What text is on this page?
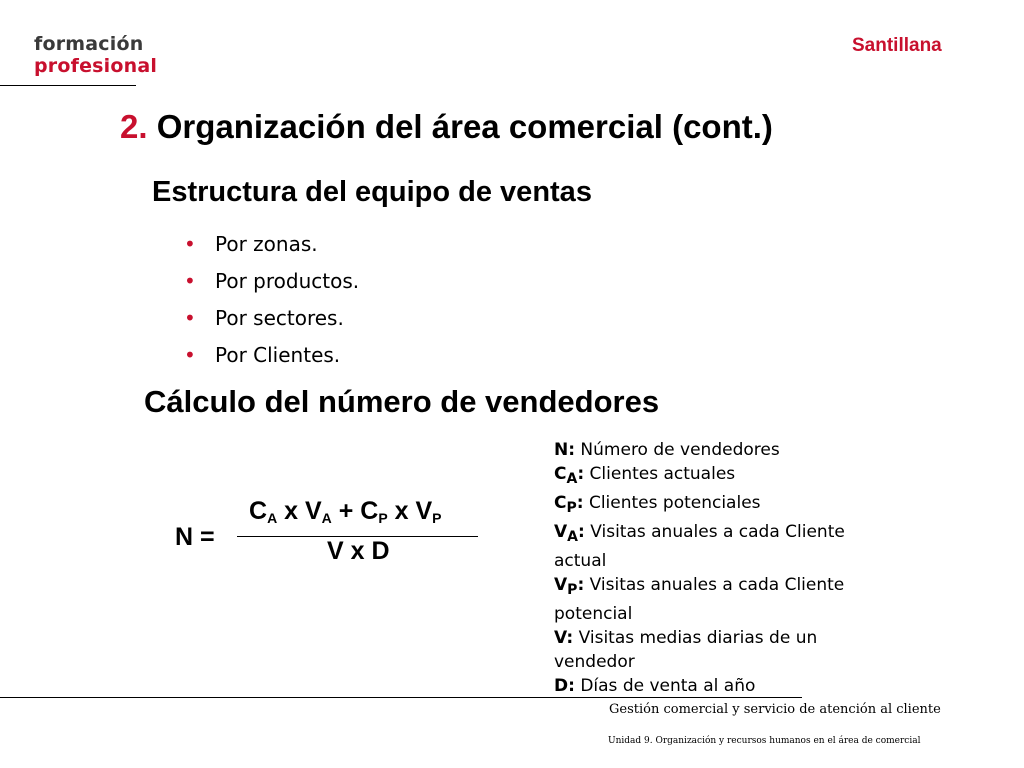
formación
profesional
Santillana
2. Organización del área comercial (cont.)
Estructura del equipo de ventas
• Por zonas.
• Por productos.
• Por sectores.
• Por Clientes.
Cálculo del número de vendedores
N =
$C_A$ x $V_A + C_P$ x $V_P$
V x D
N: Número de vendedores
$C_A$: Clientes actuales
$C_P$: Clientes potenciales
$V_A$: Visitas anuales a cada Cliente actual
$V_P$: Visitas anuales a cada Cliente potencial
V: Visitas medias diarias de un vendedor
D: Días de venta al año
Gestión comercial y servicio de atención al cliente
Unidad 9. Organización y recursos humanos en el área de comercial
